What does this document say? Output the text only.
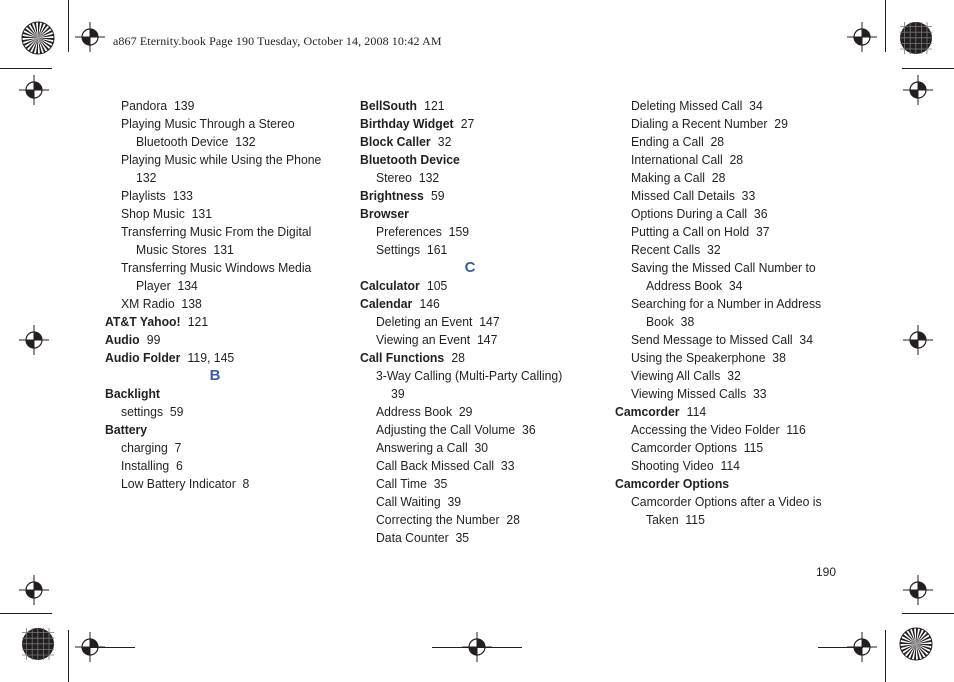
a867 Eternity.book Page 190 Tuesday, October 14, 2008 10:42 AM
Pandora  139
Playing Music Through a Stereo
Bluetooth Device  132
Playing Music while Using the Phone
132
Playlists  133
Shop Music  131
Transferring Music From the Digital
Music Stores  131
Transferring Music Windows Media
Player  134
XM Radio  138
AT&T Yahoo! 121
Audio 99
Audio Folder 119, 145
B
Backlight
settings  59
Battery
charging  7
Installing  6
Low Battery Indicator  8
BellSouth 121
Birthday Widget 27
Block Caller 32
Bluetooth Device
Stereo  132
Brightness 59
Browser
Preferences  159
Settings  161
C
Calculator 105
Calendar 146
Deleting an Event  147
Viewing an Event  147
Call Functions 28
3-Way Calling (Multi-Party Calling)
39
Address Book  29
Adjusting the Call Volume  36
Answering a Call  30
Call Back Missed Call  33
Call Time  35
Call Waiting  39
Correcting the Number  28
Data Counter  35
Deleting Missed Call  34
Dialing a Recent Number  29
Ending a Call  28
International Call  28
Making a Call  28
Missed Call Details  33
Options During a Call  36
Putting a Call on Hold  37
Recent Calls  32
Saving the Missed Call Number to
Address Book  34
Searching for a Number in Address
Book  38
Send Message to Missed Call  34
Using the Speakerphone  38
Viewing All Calls  32
Viewing Missed Calls  33
Camcorder 114
Accessing the Video Folder  116
Camcorder Options  115
Shooting Video  114
Camcorder Options
Camcorder Options after a Video is
Taken  115
190
